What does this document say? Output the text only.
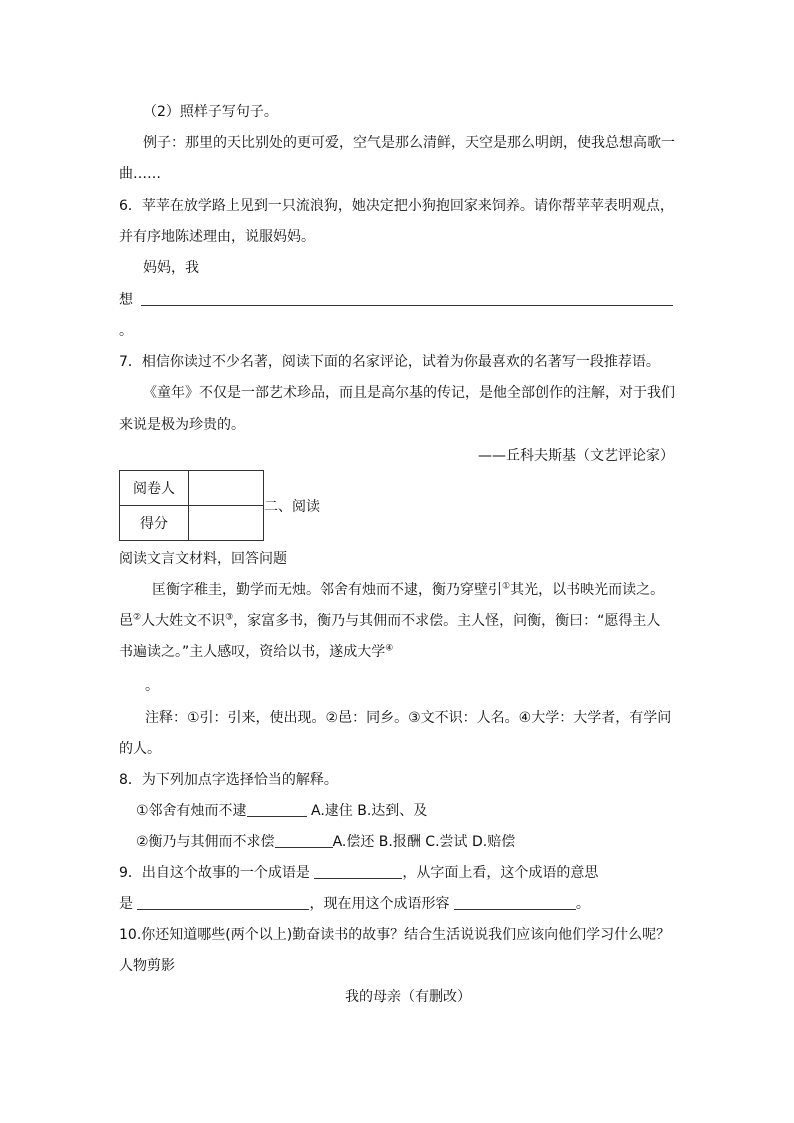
（2）照样子写句子。
例子：那里的天比别处的更可爱，空气是那么清鲜，天空是那么明朗，使我总想高歌一
曲……
6．苹苹在放学路上见到一只流浪狗，她决定把小狗抱回家来饲养。请你帮苹苹表明观点，
并有序地陈述理由，说服妈妈。
妈妈，我
想
。
7．相信你读过不少名著，阅读下面的名家评论，试着为你最喜欢的名著写一段推荐语。
《童年》不仅是一部艺术珍品，而且是高尔基的传记，是他全部创作的注解，对于我们
来说是极为珍贵的。
——丘科夫斯基（文艺评论家）
阅卷人	
得分	
二、阅读
阅读文言文材料，回答问题
匡衡字稚圭，勤学而无烛。邻舍有烛而不逮，衡乃穿壁引①其光，以书映光而读之。
邑②人大姓文不识③，家富多书，衡乃与其佣而不求偿。主人怪，问衡，衡曰：“愿得主人
书遍读之。”主人感叹，资给以书，遂成大学④
。
注释：①引：引来，使出现。②邑：同乡。③文不识：人名。④大学：大学者，有学问
的人。
8．为下列加点字选择恰当的解释。
①邻舍有烛而不逮	A.逮住 B.达到、及
②衡乃与其佣而不求偿	A.偿还 B.报酬 C.尝试 D.赔偿
9．出自这个故事的一个成语是	，从字面上看，这个成语的意思
是	，现在用这个成语形容	。
10.你还知道哪些(两个以上)勤奋读书的故事？结合生活说说我们应该向他们学习什么呢？
人物剪影
我的母亲（有删改）
